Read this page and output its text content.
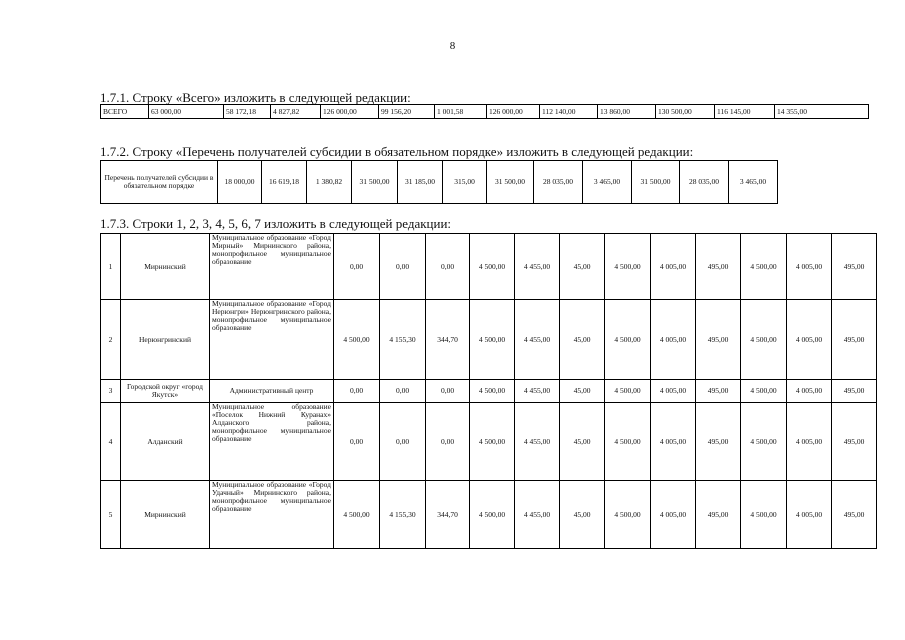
8
1.7.1. Строку «Всего» изложить в следующей редакции:
ВСЕГО	63 000,00	58 172,18	4 827,82	126 000,00	99 156,20	1 001,58	126 000,00	112 140,00	13 860,00	130 500,00	116 145,00	14 355,00
1.7.2. Строку «Перечень получателей субсидии в обязательном порядке» изложить в следующей редакции:
Перечень получателей субсидии в обязательном порядке	18 000,00	16 619,18	1 380,82	31 500,00	31 185,00	315,00	31 500,00	28 035,00	3 465,00	31 500,00	28 035,00	3 465,00
1.7.3. Строки 1, 2, 3, 4, 5, 6, 7 изложить в следующей редакции:
1	Мирнинский	Муниципальное образование «Город Мирный» Мирнинского района, монопрофильное муниципальное образование	0,00	0,00	0,00	4 500,00	4 455,00	45,00	4 500,00	4 005,00	495,00	4 500,00	4 005,00	495,00
2	Нерюнгринский	Муниципальное образование «Город Нерюнгри» Нерюнгринского района, монопрофильное муниципальное образование	4 500,00	4 155,30	344,70	4 500,00	4 455,00	45,00	4 500,00	4 005,00	495,00	4 500,00	4 005,00	495,00
3	Городской округ «город Якутск»	Административный центр	0,00	0,00	0,00	4 500,00	4 455,00	45,00	4 500,00	4 005,00	495,00	4 500,00	4 005,00	495,00
4	Алданский	Муниципальное образование «Поселок Нижний Куранах» Алданского района, монопрофильное муниципальное образование	0,00	0,00	0,00	4 500,00	4 455,00	45,00	4 500,00	4 005,00	495,00	4 500,00	4 005,00	495,00
5	Мирнинский	Муниципальное образование «Город Удачный» Мирнинского района, монопрофильное муниципальное образование	4 500,00	4 155,30	344,70	4 500,00	4 455,00	45,00	4 500,00	4 005,00	495,00	4 500,00	4 005,00	495,00
